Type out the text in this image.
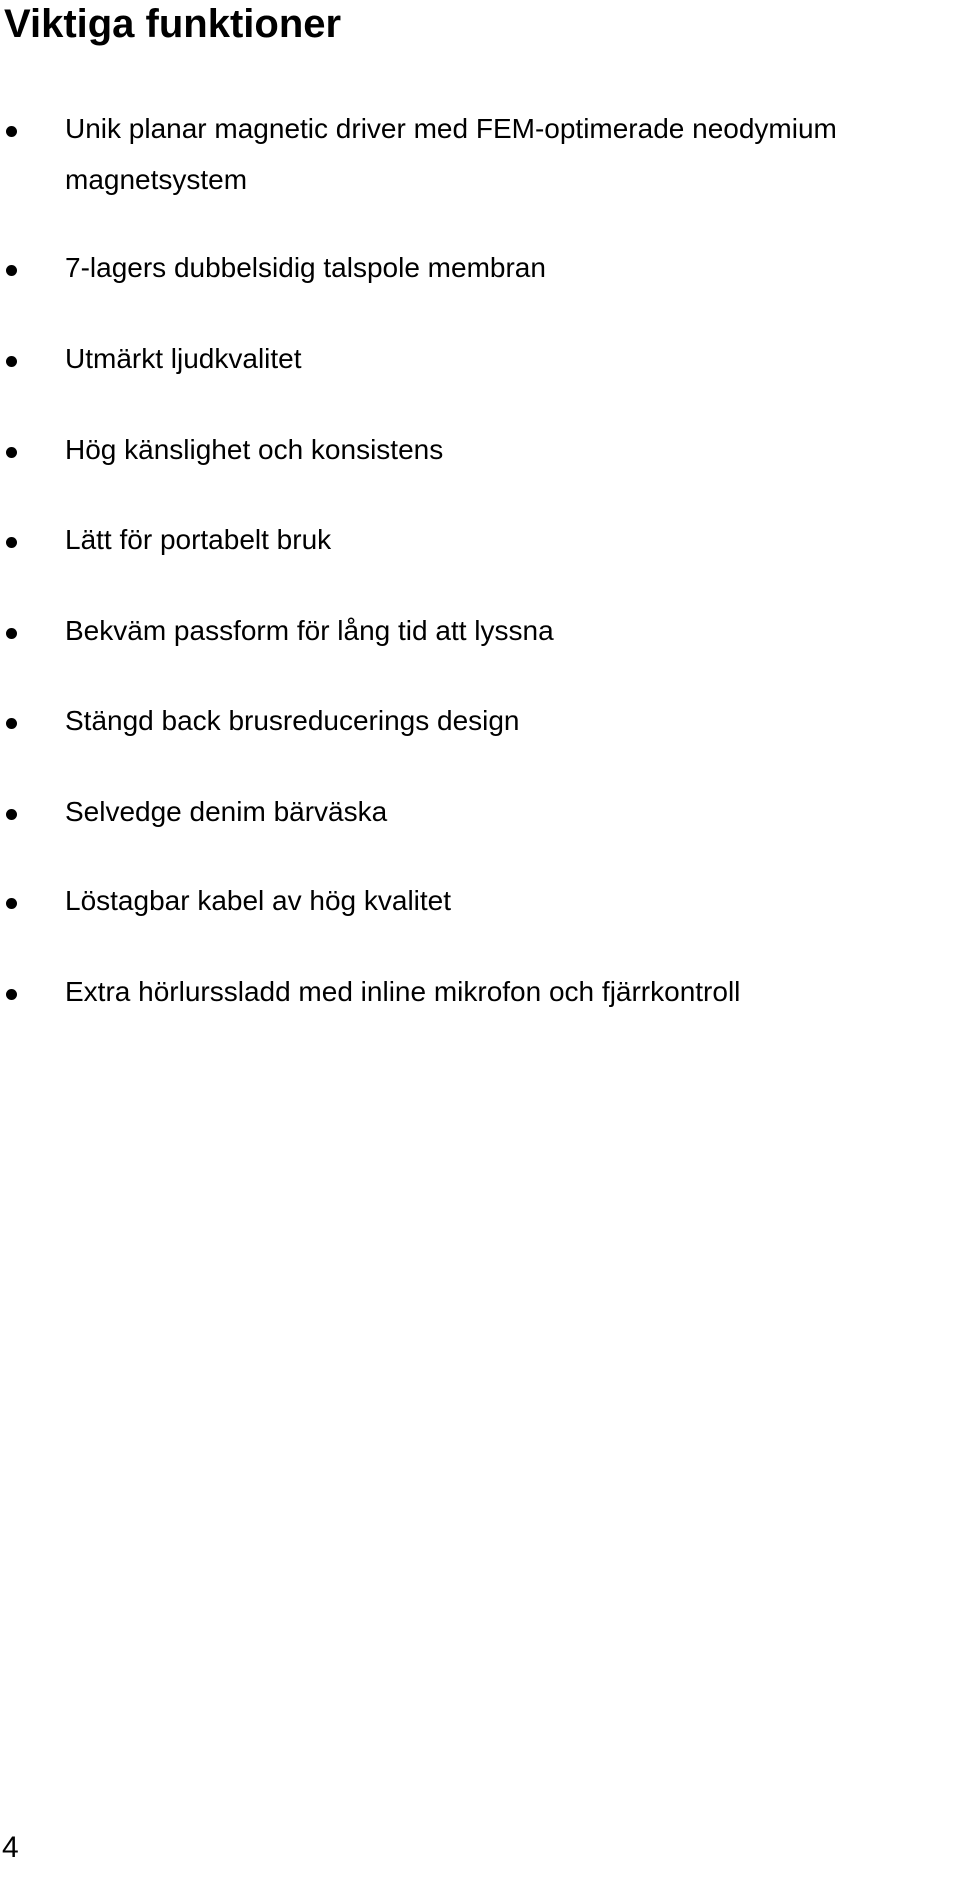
Viktiga funktioner
Unik planar magnetic driver med FEM-optimerade neodymium magnetsystem
7-lagers dubbelsidig talspole membran
Utmärkt ljudkvalitet
Hög känslighet och konsistens
Lätt för portabelt bruk
Bekväm passform för lång tid att lyssna
Stängd back brusreducerings design
Selvedge denim bärväska
Löstagbar kabel av hög kvalitet
Extra hörlurssladd med inline mikrofon och fjärrkontroll
4
